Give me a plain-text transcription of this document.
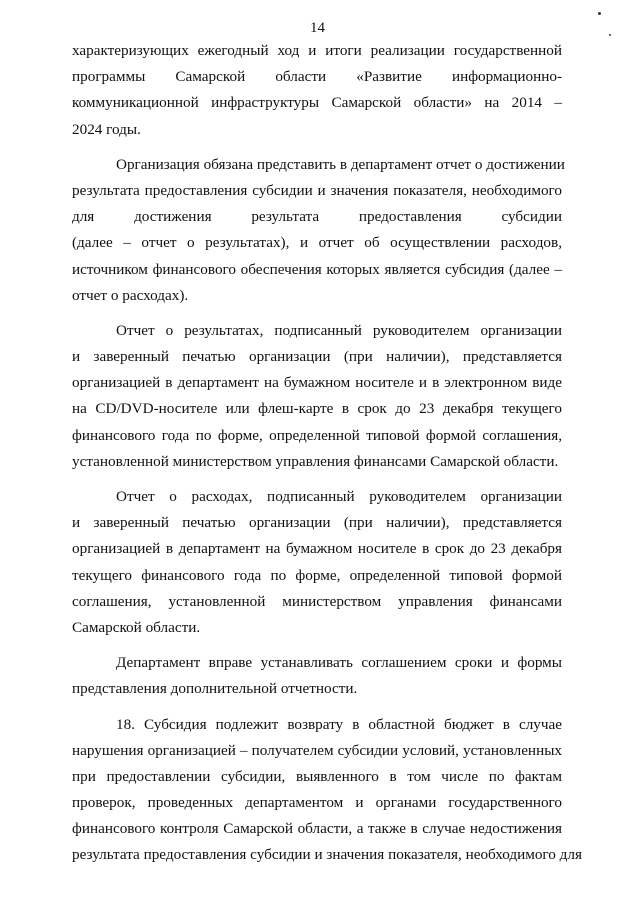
14
характеризующих ежегодный ход и итоги реализации государственной
программы Самарской области «Развитие информационно-
коммуникационной инфраструктуры Самарской области» на 2014 –
2024 годы.
Организация обязана представить в департамент отчет о достижении
результата предоставления субсидии и значения показателя, необходимого
для достижения результата предоставления субсидии
(далее – отчет о результатах), и отчет об осуществлении расходов,
источником финансового обеспечения которых является субсидия (далее –
отчет о расходах).
Отчет о результатах, подписанный руководителем организации
и заверенный печатью организации (при наличии), представляется
организацией в департамент на бумажном носителе и в электронном виде
на CD/DVD-носителе или флеш-карте в срок до 23 декабря текущего
финансового года по форме, определенной типовой формой соглашения,
установленной министерством управления финансами Самарской области.
Отчет о расходах, подписанный руководителем организации
и заверенный печатью организации (при наличии), представляется
организацией в департамент на бумажном носителе в срок до 23 декабря
текущего финансового года по форме, определенной типовой формой
соглашения, установленной министерством управления финансами
Самарской области.
Департамент вправе устанавливать соглашением сроки и формы
представления дополнительной отчетности.
18. Субсидия подлежит возврату в областной бюджет в случае
нарушения организацией – получателем субсидии условий, установленных
при предоставлении субсидии, выявленного в том числе по фактам
проверок, проведенных департаментом и органами государственного
финансового контроля Самарской области, а также в случае недостижения
результата предоставления субсидии и значения показателя, необходимого для
